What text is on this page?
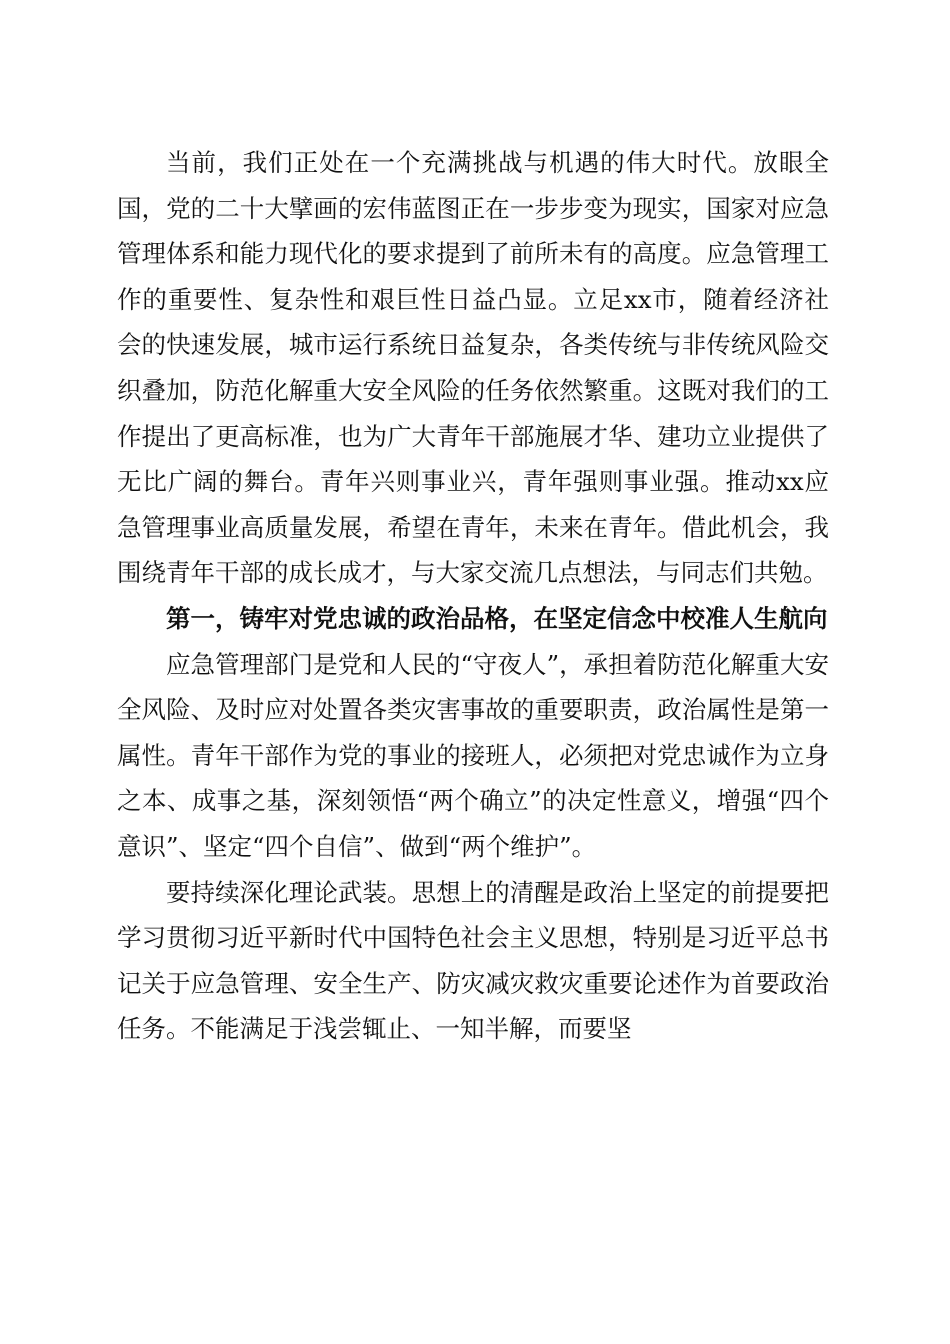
当前，我们正处在一个充满挑战与机遇的伟大时代。放眼全国，党的二十大擘画的宏伟蓝图正在一步步变为现实，国家对应急管理体系和能力现代化的要求提到了前所未有的高度。应急管理工作的重要性、复杂性和艰巨性日益凸显。立足xx市，随着经济社会的快速发展，城市运行系统日益复杂，各类传统与非传统风险交织叠加，防范化解重大安全风险的任务依然繁重。这既对我们的工作提出了更高标准，也为广大青年干部施展才华、建功立业提供了无比广阔的舞台。青年兴则事业兴，青年强则事业强。推动xx应急管理事业高质量发展，希望在青年，未来在青年。借此机会，我围绕青年干部的成长成才，与大家交流几点想法，与同志们共勉。

第一，铸牢对党忠诚的政治品格，在坚定信念中校准人生航向

应急管理部门是党和人民的“守夜人”，承担着防范化解重大安全风险、及时应对处置各类灾害事故的重要职责，政治属性是第一属性。青年干部作为党的事业的接班人，必须把对党忠诚作为立身之本、成事之基，深刻领悟“两个确立”的决定性意义，增强“四个意识”、坚定“四个自信”、做到“两个维护”。

要持续深化理论武装。思想上的清醒是政治上坚定的前提要把学习贯彻习近平新时代中国特色社会主义思想，特别是习近平总书记关于应急管理、安全生产、防灾减灾救灾重要论述作为首要政治任务。不能满足于浅尝辄止、一知半解，而要坚
